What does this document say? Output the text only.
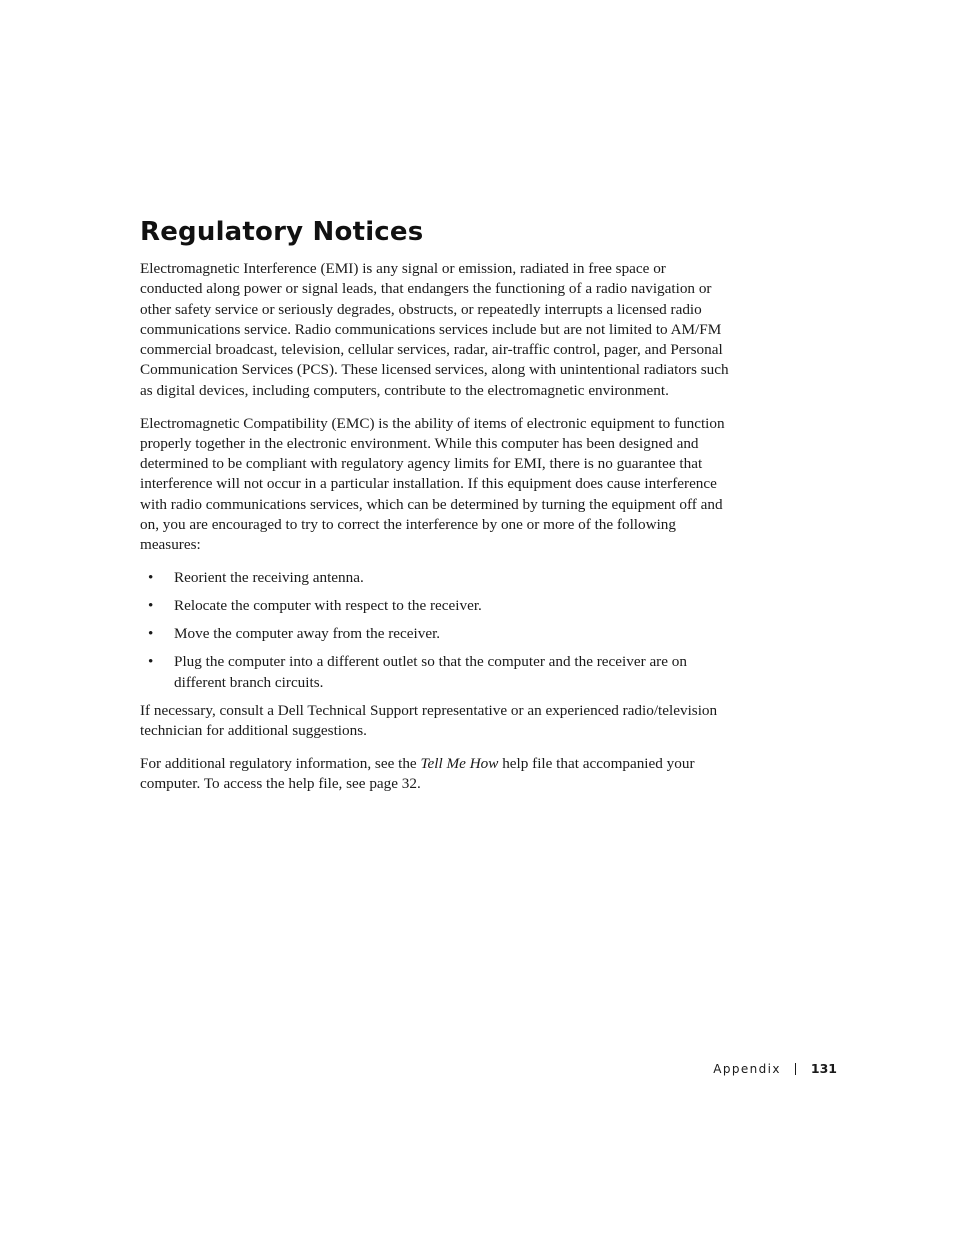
Regulatory Notices

Electromagnetic Interference (EMI) is any signal or emission, radiated in free space or conducted along power or signal leads, that endangers the functioning of a radio navigation or other safety service or seriously degrades, obstructs, or repeatedly interrupts a licensed radio communications service. Radio communications services include but are not limited to AM/FM commercial broadcast, television, cellular services, radar, air-traffic control, pager, and Personal Communication Services (PCS). These licensed services, along with unintentional radiators such as digital devices, including computers, contribute to the electromagnetic environment.

Electromagnetic Compatibility (EMC) is the ability of items of electronic equipment to function properly together in the electronic environment. While this computer has been designed and determined to be compliant with regulatory agency limits for EMI, there is no guarantee that interference will not occur in a particular installation. If this equipment does cause interference with radio communications services, which can be determined by turning the equipment off and on, you are encouraged to try to correct the interference by one or more of the following measures:

• Reorient the receiving antenna.
• Relocate the computer with respect to the receiver.
• Move the computer away from the receiver.
• Plug the computer into a different outlet so that the computer and the receiver are on different branch circuits.

If necessary, consult a Dell Technical Support representative or an experienced radio/television technician for additional suggestions.

For additional regulatory information, see the Tell Me How help file that accompanied your computer. To access the help file, see page 32.

Appendix 131
